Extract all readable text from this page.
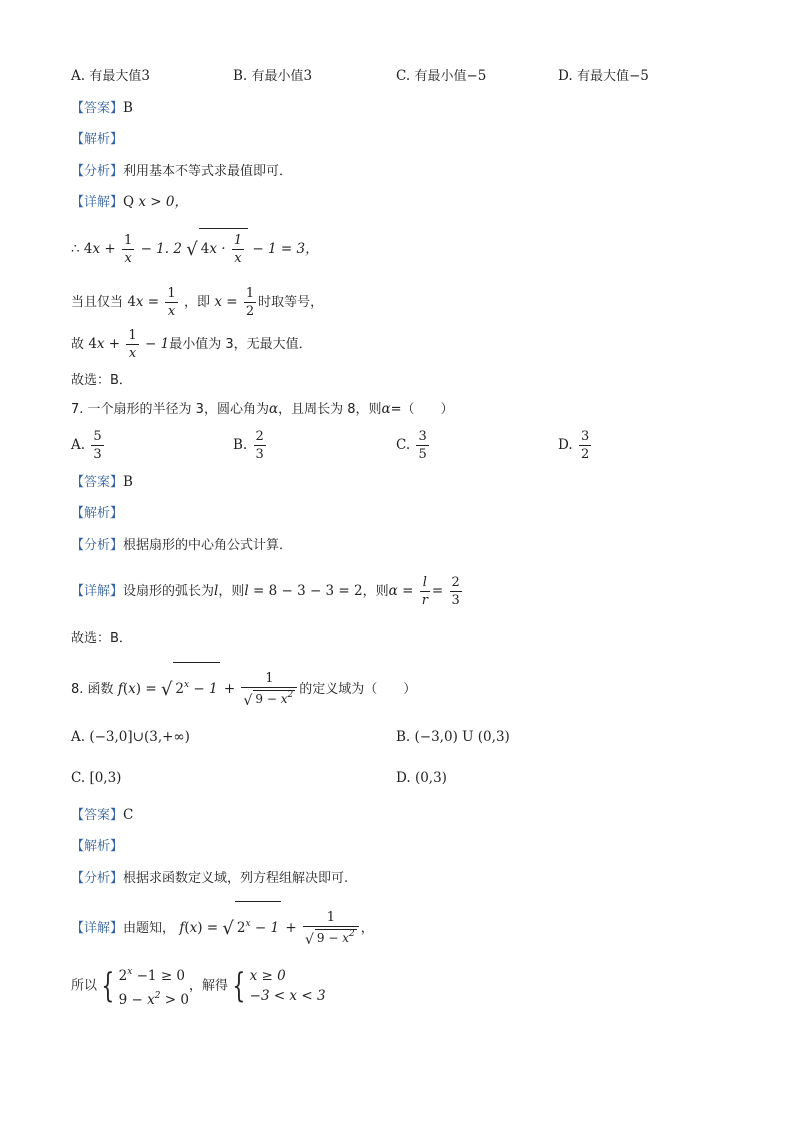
A. 有最大值3	B. 有最小值3	C. 有最小值−5	D. 有最大值−5
【答案】B
【解析】
【分析】利用基本不等式求最值即可．
【详解】Q x > 0，
∴ $4x + \frac{1}{x} - 1$. 2 √ $4x \cdot \frac{1}{x} - 1 = 3$，
当且仅当 $4x = \frac{1}{x}$ ，即 $x = \frac{1}{2}$ 时取等号，
故 $4x + \frac{1}{x} - 1$最小值为 3，无最大值．
故选：B．
7. 一个扇形的半径为 3，圆心角为α，且周长为 8，则α=（　　）
A. $\frac{5}{3}$	B. $\frac{2}{3}$	C. $\frac{3}{5}$	D. $\frac{3}{2}$
【答案】B
【解析】
【分析】根据扇形的中心角公式计算．
【详解】设扇形的弧长为l，则l = 8 − 3 − 3 = 2，则$\alpha = \frac{l}{r} = \frac{2}{3}$
故选：B．
8. 函数 f(x) = √ $2^x - 1 + \frac{1}{√ 9 - x^2}$ 的定义域为（　　）
A. (−3,0]∪(3,+∞)	B. (−3,0) U (0,3)
C. [0,3)	D. (0,3)
【答案】C
【解析】
【分析】根据求函数定义域，列方程组解决即可.
【详解】由题知， f(x) = √ $2^x - 1 + \frac{1}{√ 9 - x^2}$ ，
所以 { $2^x -1 \ge 0$
$9 - x^2 > 0$，解得 { x ≥ 0
−3 < x < 3
